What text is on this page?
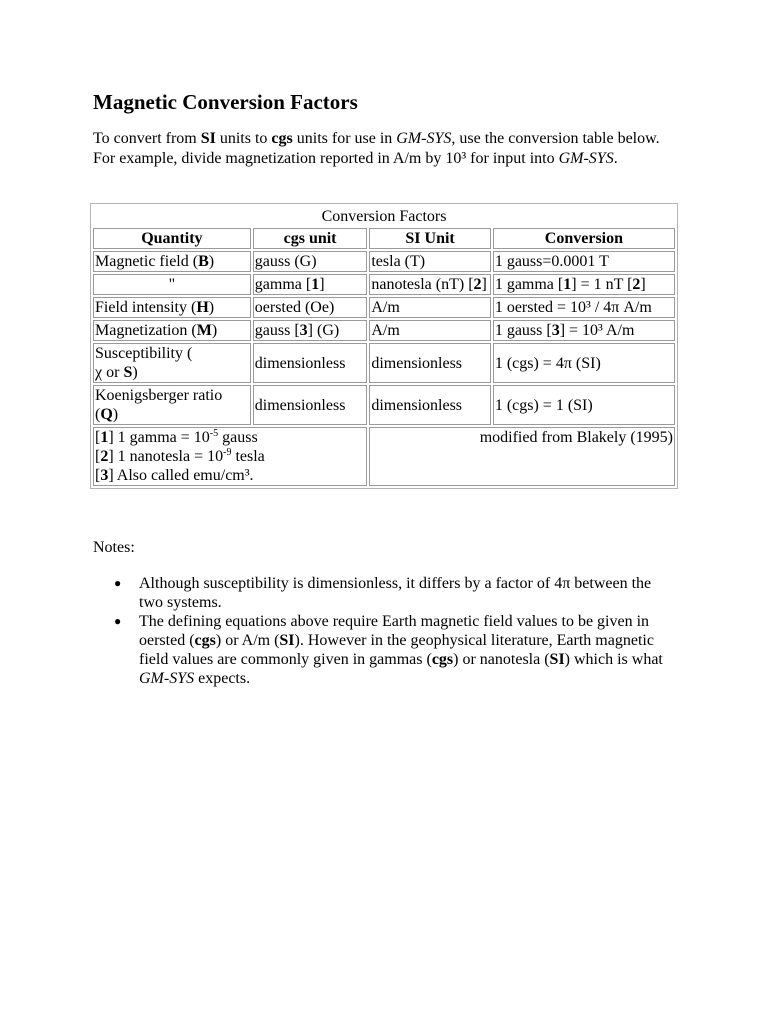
Magnetic Conversion Factors

To convert from SI units to cgs units for use in GM-SYS, use the conversion table below. For example, divide magnetization reported in A/m by 10³ for input into GM-SYS.

Conversion Factors			
Quantity	cgs unit	SI Unit	Conversion
Magnetic field (B)	gauss (G)	tesla (T)	1 gauss=0.0001 T
"	gamma [1]	nanotesla (nT) [2]	1 gamma [1] = 1 nT [2]
Field intensity (H)	oersted (Oe)	A/m	1 oersted = 10³ / 4π A/m
Magnetization (M)	gauss [3] (G)	A/m	1 gauss [3] = 10³ A/m
Susceptibility (
χ or S)	dimensionless	dimensionless	1 (cgs) = 4π (SI)
Koenigsberger ratio (Q)	dimensionless	dimensionless	1 (cgs) = 1 (SI)

[1] 1 gamma = $10^{-5}$ gauss
[2] 1 nanotesla = $10^{-9}$ tesla
[3] Also called emu/cm³.		modified from Blakely (1995)	

Notes:

● Although susceptibility is dimensionless, it differs by a factor of 4π between the two systems.
● The defining equations above require Earth magnetic field values to be given in oersted (cgs) or A/m (SI). However in the geophysical literature, Earth magnetic field values are commonly given in gammas (cgs) or nanotesla (SI) which is what GM-SYS expects.
